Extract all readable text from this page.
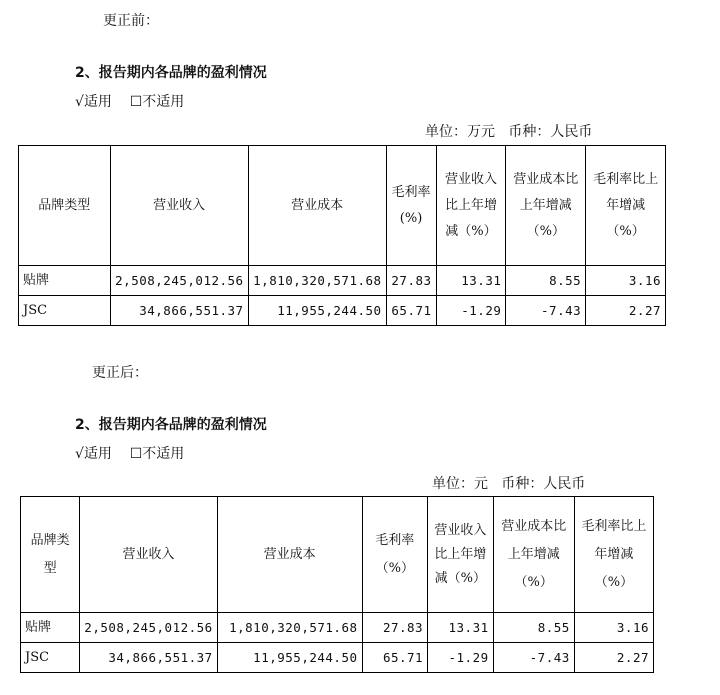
更正前：
2、报告期内各品牌的盈利情况
√适用 ☐不适用
单位：万元   币种：人民币
品牌类型	营业收入	营业成本	毛利率(%)	营业收入比上年增减（%）	营业成本比上年增减（%）	毛利率比上年增减（%）
贴牌	2,508,245,012.56	1,810,320,571.68	27.83	13.31	8.55	3.16
JSC	34,866,551.37	11,955,244.50	65.71	-1.29	-7.43	2.27
更正后：
2、报告期内各品牌的盈利情况
√适用 ☐不适用
单位：元   币种：人民币
品牌类型	营业收入	营业成本	毛利率（%）	营业收入比上年增减（%）	营业成本比上年增减（%）	毛利率比上年增减（%）
贴牌	2,508,245,012.56	1,810,320,571.68	27.83	13.31	8.55	3.16
JSC	34,866,551.37	11,955,244.50	65.71	-1.29	-7.43	2.27
